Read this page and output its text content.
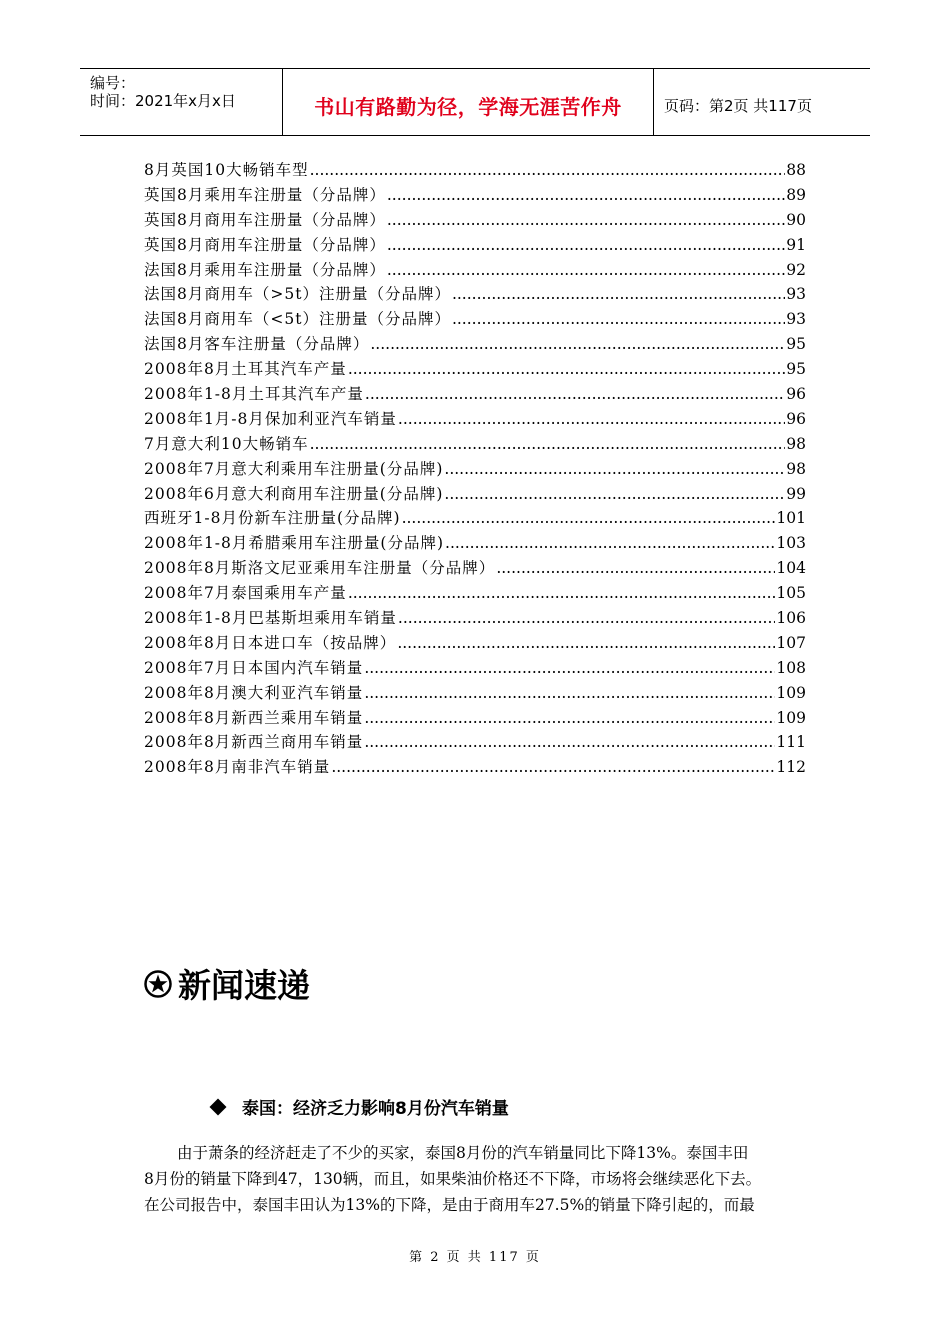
编号：
时间：2021年x月x日	书山有路勤为径，学海无涯苦作舟	页码：第2页 共117页
8月英国10大畅销车型 .....	88
英国8月乘用车注册量（分品牌） .....	89
英国8月商用车注册量（分品牌） .....	90
英国8月商用车注册量（分品牌） .....	91
法国8月乘用车注册量（分品牌） .....	92
法国8月商用车（>5t）注册量（分品牌） .....	93
法国8月商用车（<5t）注册量（分品牌） .....	93
法国8月客车注册量（分品牌） .....	95
2008年8月土耳其汽车产量 .....	95
2008年1-8月土耳其汽车产量 .....	96
2008年1月-8月保加利亚汽车销量 .....	96
7月意大利10大畅销车 .....	98
2008年7月意大利乘用车注册量(分品牌) .....	98
2008年6月意大利商用车注册量(分品牌) .....	99
西班牙1-8月份新车注册量(分品牌) .....	101
2008年1-8月希腊乘用车注册量(分品牌) .....	103
2008年8月斯洛文尼亚乘用车注册量（分品牌） .....	104
2008年7月泰国乘用车产量 .....	105
2008年1-8月巴基斯坦乘用车销量 .....	106
2008年8月日本进口车（按品牌） .....	107
2008年7月日本国内汽车销量 .....	108
2008年8月澳大利亚汽车销量 .....	109
2008年8月新西兰乘用车销量 .....	109
2008年8月新西兰商用车销量 .....	111
2008年8月南非汽车销量 .....	112
新闻速递
泰国：经济乏力影响8月份汽车销量

由于萧条的经济赶走了不少的买家，泰国8月份的汽车销量同比下降13%。泰国丰田

8月份的销量下降到47，130辆，而且，如果柴油价格还不下降，市场将会继续恶化下去。

在公司报告中，泰国丰田认为13%的下降，是由于商用车27.5%的销量下降引起的，而最

第 2 页 共 117 页
